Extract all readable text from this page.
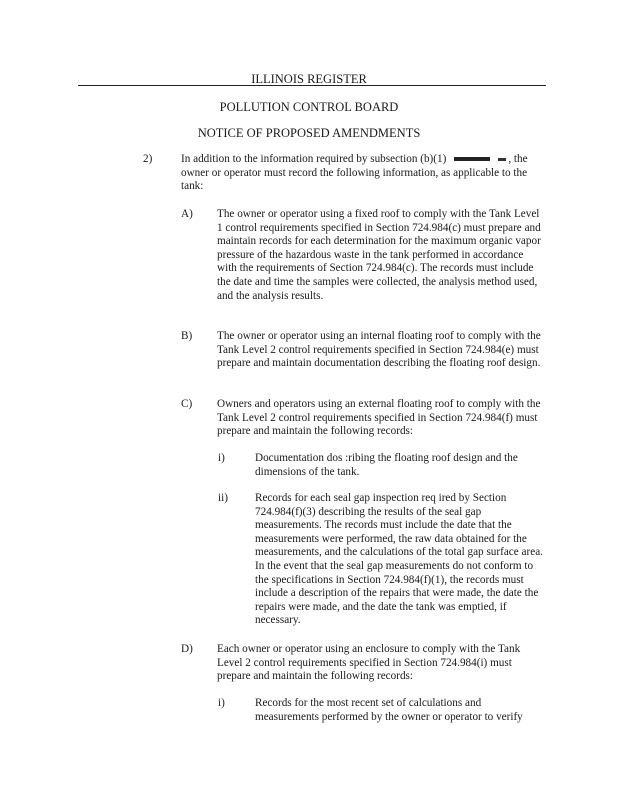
ILLINOIS REGISTER
POLLUTION CONTROL BOARD
NOTICE OF PROPOSED AMENDMENTS
2)	In addition to the information required by subsection (b)(1)	, the owner or operator must record the following information, as applicable to the tank:
A) The owner or operator using a fixed roof to comply with the Tank Level 1 control requirements specified in Section 724.984(c) must prepare and maintain records for each determination for the maximum organic vapor pressure of the hazardous waste in the tank performed in accordance with the requirements of Section 724.984(c). The records must include the date and time the samples were collected, the analysis method used, and the analysis results.
B) The owner or operator using an internal floating roof to comply with the Tank Level 2 control requirements specified in Section 724.984(e) must prepare and maintain documentation describing the floating roof design.
C) Owners and operators using an external floating roof to comply with the Tank Level 2 control requirements specified in Section 724.984(f) must prepare and maintain the following records:
i)	Documentation dos :ribing the floating roof design and the dimensions of the tank.
ii) Records for each seal gap inspection req ired by Section 724.984(f)(3) describing the results of the seal gap measurements. The records must include the date that the measurements were performed, the raw data obtained for the measurements, and the calculations of the total gap surface area. In the event that the seal gap measurements do not conform to the specifications in Section 724.984(f)(1), the records must include a description of the repairs that were made, the date the repairs were made, and the date the tank was emptied, if necessary.
D) Each owner or operator using an enclosure to comply with the Tank Level 2 control requirements specified in Section 724.984(i) must prepare and maintain the following records:
i)	Records for the most recent set of calculations and measurements performed by the owner or operator to verify
